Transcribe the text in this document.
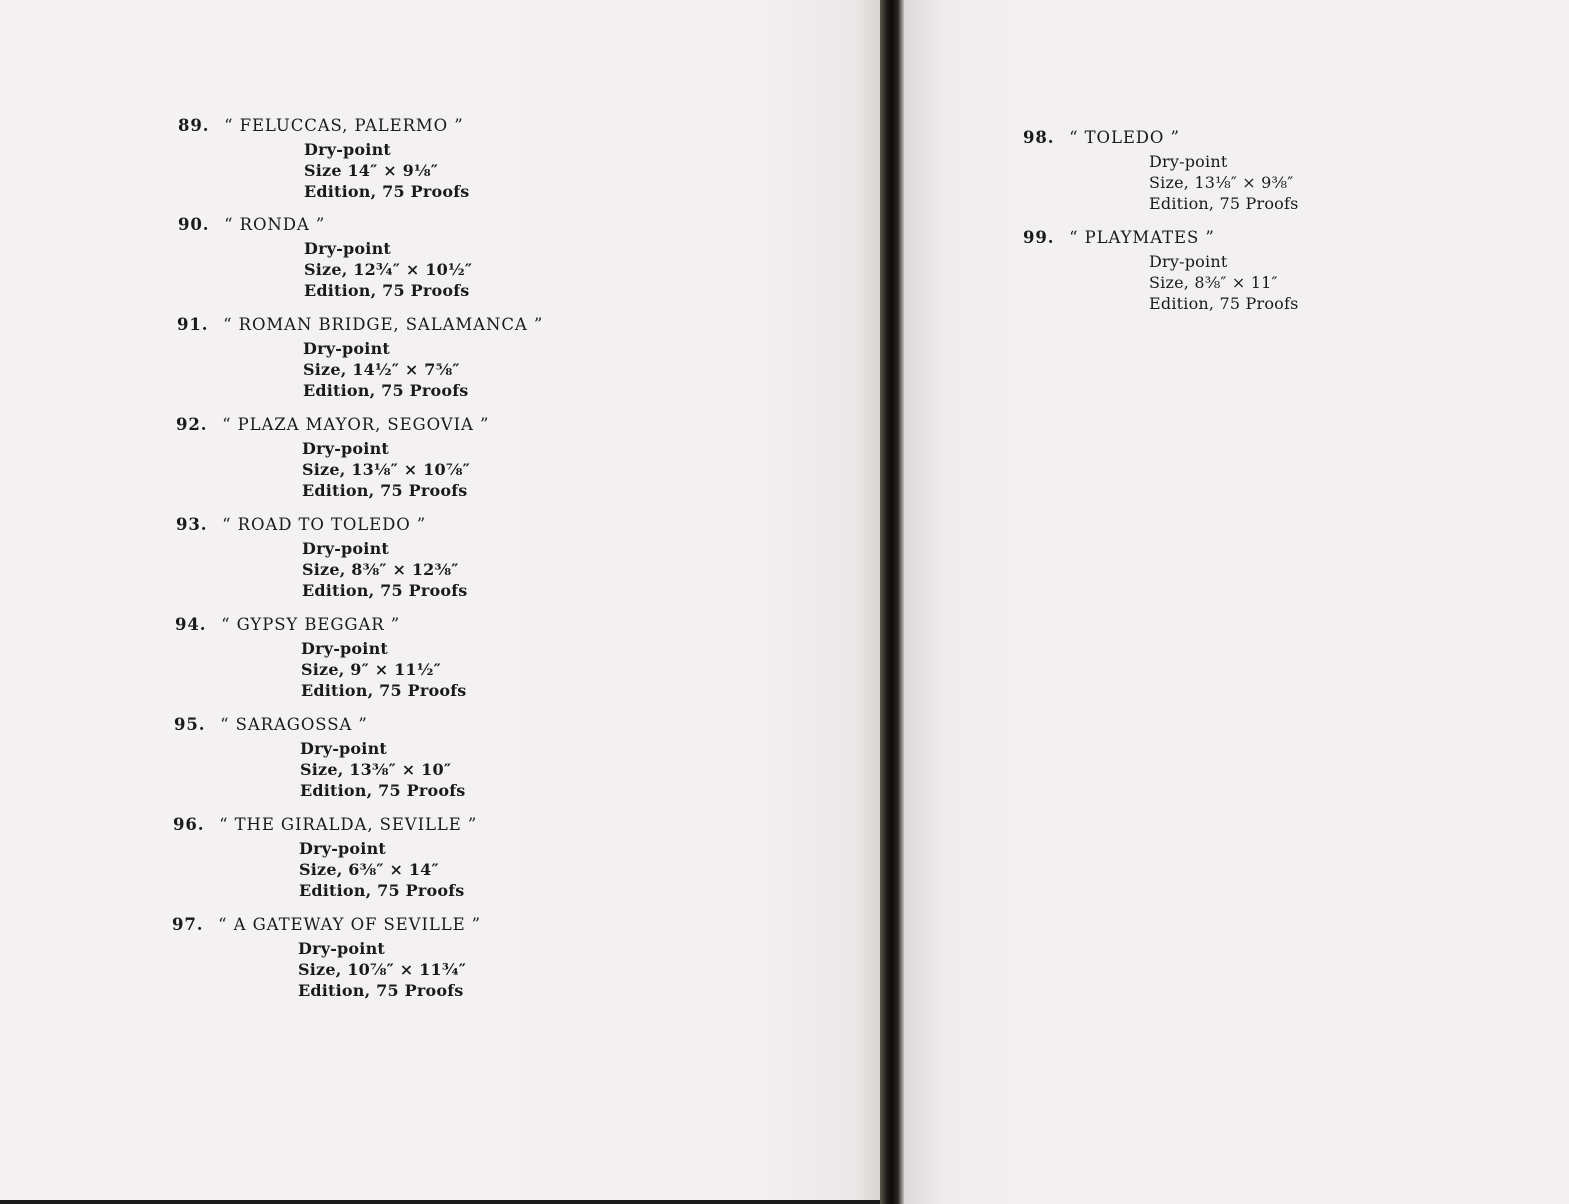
89. “ FELUCCAS, PALERMO ”
Dry-point
Size 14″ × 9⅛″
Edition, 75 Proofs
90. “ RONDA ”
Dry-point
Size, 12¾″ × 10½″
Edition, 75 Proofs
91. “ ROMAN BRIDGE, SALAMANCA ”
Dry-point
Size, 14½″ × 7⅝″
Edition, 75 Proofs
92. “ PLAZA MAYOR, SEGOVIA ”
Dry-point
Size, 13⅛″ × 10⅞″
Edition, 75 Proofs
93. “ ROAD TO TOLEDO ”
Dry-point
Size, 8⅜″ × 12⅜″
Edition, 75 Proofs
94. “ GYPSY BEGGAR ”
Dry-point
Size, 9″ × 11½″
Edition, 75 Proofs
95. “ SARAGOSSA ”
Dry-point
Size, 13⅜″ × 10″
Edition, 75 Proofs
96. “ THE GIRALDA, SEVILLE ”
Dry-point
Size, 6⅜″ × 14″
Edition, 75 Proofs
97. “ A GATEWAY OF SEVILLE ”
Dry-point
Size, 10⅞″ × 11¾″
Edition, 75 Proofs
98. “ TOLEDO ”
Dry-point
Size, 13⅛″ × 9⅜″
Edition, 75 Proofs
99. “ PLAYMATES ”
Dry-point
Size, 8⅜″ × 11″
Edition, 75 Proofs
